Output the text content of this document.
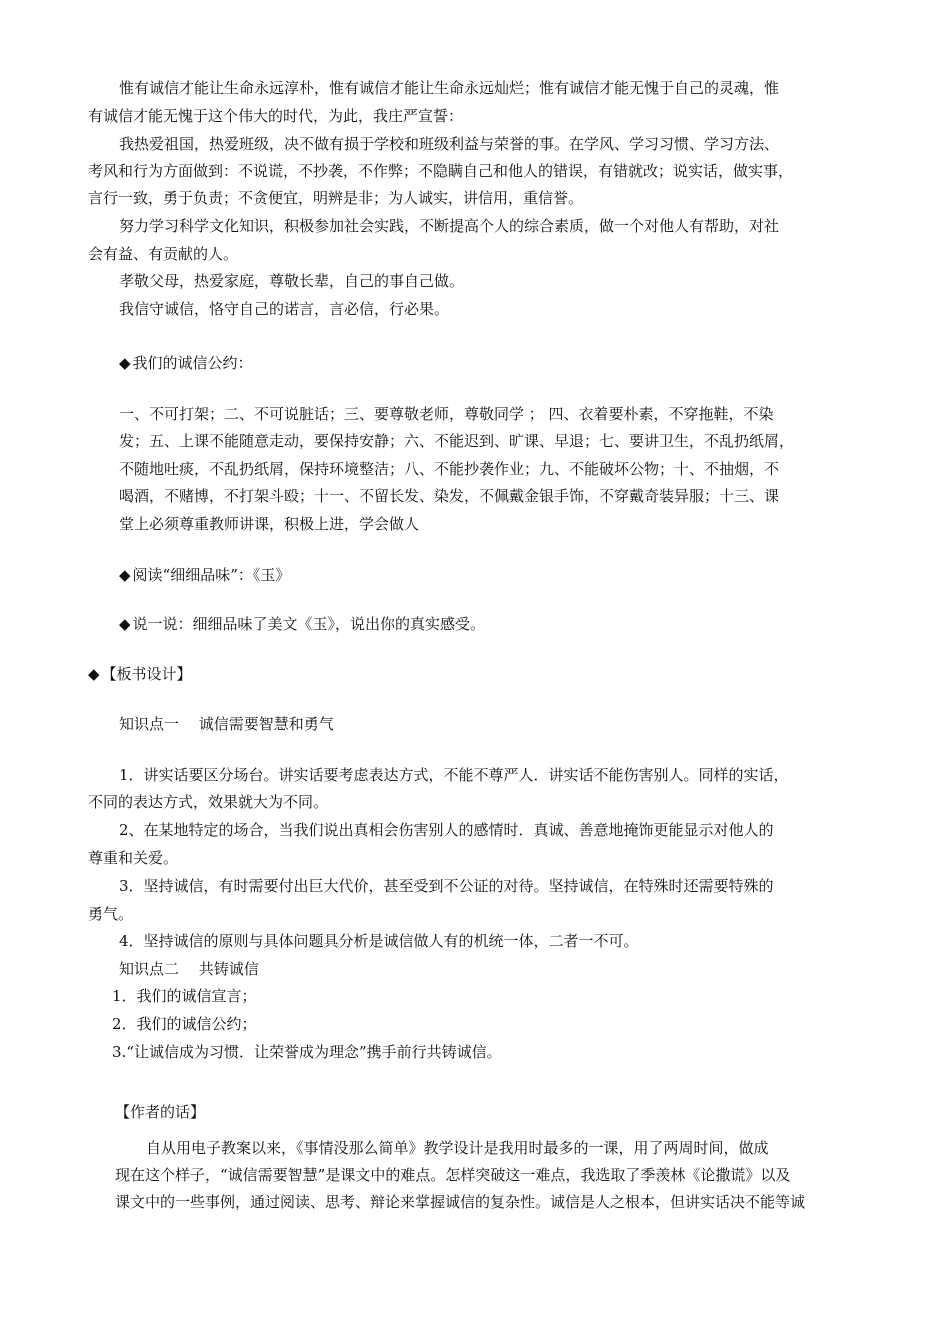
惟有诚信才能让生命永远淳朴，惟有诚信才能让生命永远灿烂；惟有诚信才能无愧于自己的灵魂，惟
有诚信才能无愧于这个伟大的时代，为此，我庄严宣誓：
我热爱祖国，热爱班级，决不做有损于学校和班级利益与荣誉的事。在学风、学习习惯、学习方法、
考风和行为方面做到：不说谎，不抄袭，不作弊；不隐瞒自己和他人的错误，有错就改；说实话，做实事，
言行一致，勇于负责；不贪便宜，明辨是非；为人诚实，讲信用，重信誉。
努力学习科学文化知识，积极参加社会实践，不断提高个人的综合素质，做一个对他人有帮助，对社
会有益、有贡献的人。
孝敬父母，热爱家庭，尊敬长辈，自己的事自己做。
我信守诚信，恪守自己的诺言，言必信，行必果。
◆ 我们的诚信公约：
一、不可打架；二、不可说脏话；三、要尊敬老师，尊敬同学 ； 四、衣着要朴素，不穿拖鞋，不染
发；五、上课不能随意走动，要保持安静；六、不能迟到、旷课、早退；七、要讲卫生，不乱扔纸屑，
不随地吐痰，不乱扔纸屑，保持环境整洁；八、不能抄袭作业；九、不能破坏公物；十、不抽烟，不
喝酒，不赌博，不打架斗殴；十一、不留长发、染发，不佩戴金银手饰，不穿戴奇装异服；十三、课
堂上必须尊重教师讲课，积极上进，学会做人
◆ 阅读“细细品味”：《玉》
◆ 说一说：细细品味了美文《玉》，说出你的真实感受。
◆ 【板书设计】
知识点一　 诚信需要智慧和勇气
1．讲实话要区分场台。讲实话要考虑表达方式，不能不尊严人．讲实话不能伤害别人。同样的实话，
不同的表达方式，效果就大为不同。
2、在某地特定的场合，当我们说出真相会伤害别人的感情时．真诚、善意地掩饰更能显示对他人的
尊重和关爱。
3．坚持诚信，有时需要付出巨大代价，甚至受到不公证的对待。坚持诚信，在特殊时还需要特殊的
勇气。
4．坚持诚信的原则与具体问题具分析是诚信做人有的机统一体，二者一不可。
知识点二　 共铸诚信
1．我们的诚信宣言；
2．我们的诚信公约；
3.“让诚信成为习惯．让荣誉成为理念”携手前行共铸诚信。
【作者的话】
自从用电子教案以来，《事情没那么简单》教学设计是我用时最多的一课，用了两周时间，做成
现在这个样子，“诚信需要智慧”是课文中的难点。怎样突破这一难点，我选取了季羡林《论撒谎》以及
课文中的一些事例，通过阅读、思考、辩论来掌握诚信的复杂性。诚信是人之根本，但讲实话决不能等诚
